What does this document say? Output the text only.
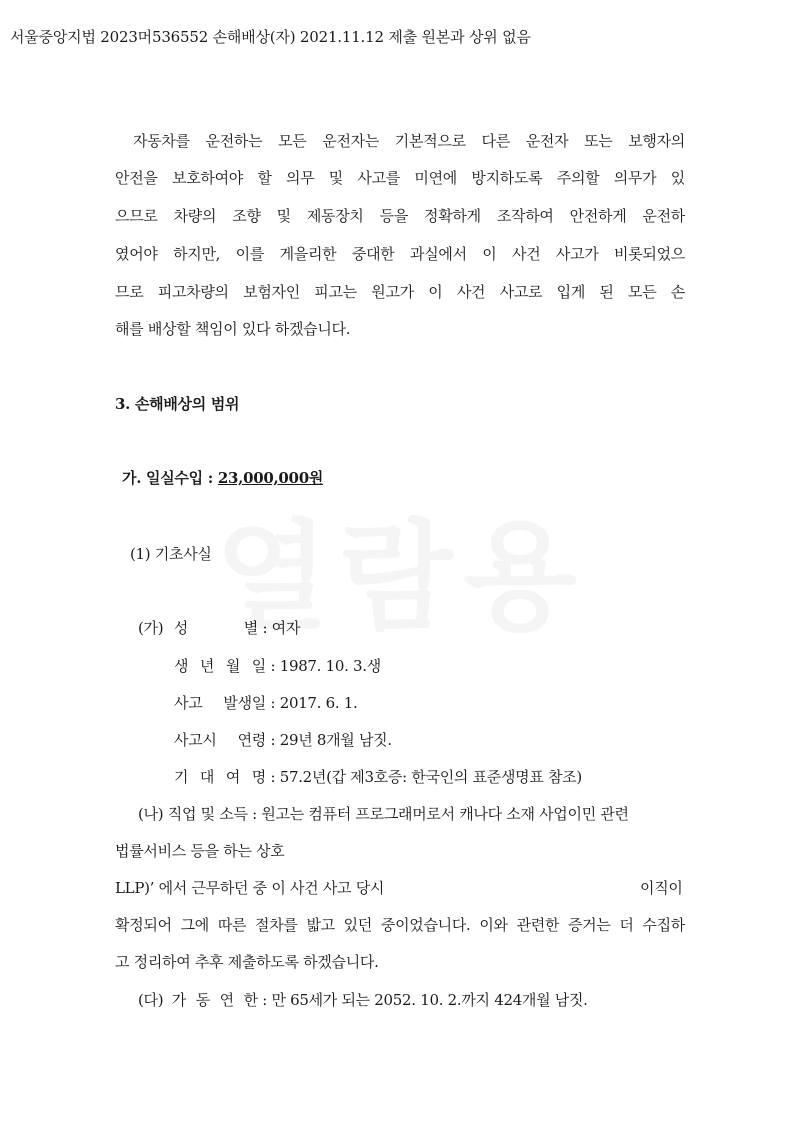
서울중앙지법 2023머536552 손해배상(자) 2021.11.12 제출 원본과 상위 없음
자동차를 운전하는 모든 운전자는 기본적으로 다른 운전자 또는 보행자의
안전을 보호하여야 할 의무 및 사고를 미연에 방지하도록 주의할 의무가 있
으므로 차량의 조향 및 제동장치 등을 정확하게 조작하여 안전하게 운전하
였어야 하지만, 이를 게을리한 중대한 과실에서 이 사건 사고가 비롯되었으
므로 피고차량의 보험자인 피고는 원고가 이 사건 사고로 입게 된 모든 손
해를 배상할 책임이 있다 하겠습니다.
3. 손해배상의 범위
가. 일실수입 : 23,000,000원
(1) 기초사실
(가) 성	별 : 여자
생 년 월 일 : 1987. 10. 3.생
사고 발생일 : 2017. 6. 1.
사고시 연령 : 29년 8개월 남짓.
기 대 여 명 : 57.2년(갑 제3호증: 한국인의 표준생명표 참조)
(나) 직업 및 소득 : 원고는 컴퓨터 프로그래머로서 캐나다 소재 사업이민 관련
법률서비스 등을 하는 상호
LLP)’ 에서 근무하던 중 이 사건 사고 당시	이직이
확정되어 그에 따른 절차를 밟고 있던 중이었습니다. 이와 관련한 증거는 더 수집하
고 정리하여 추후 제출하도록 하겠습니다.
(다) 가 동 연 한 : 만 65세가 되는 2052. 10. 2.까지 424개월 남짓.
